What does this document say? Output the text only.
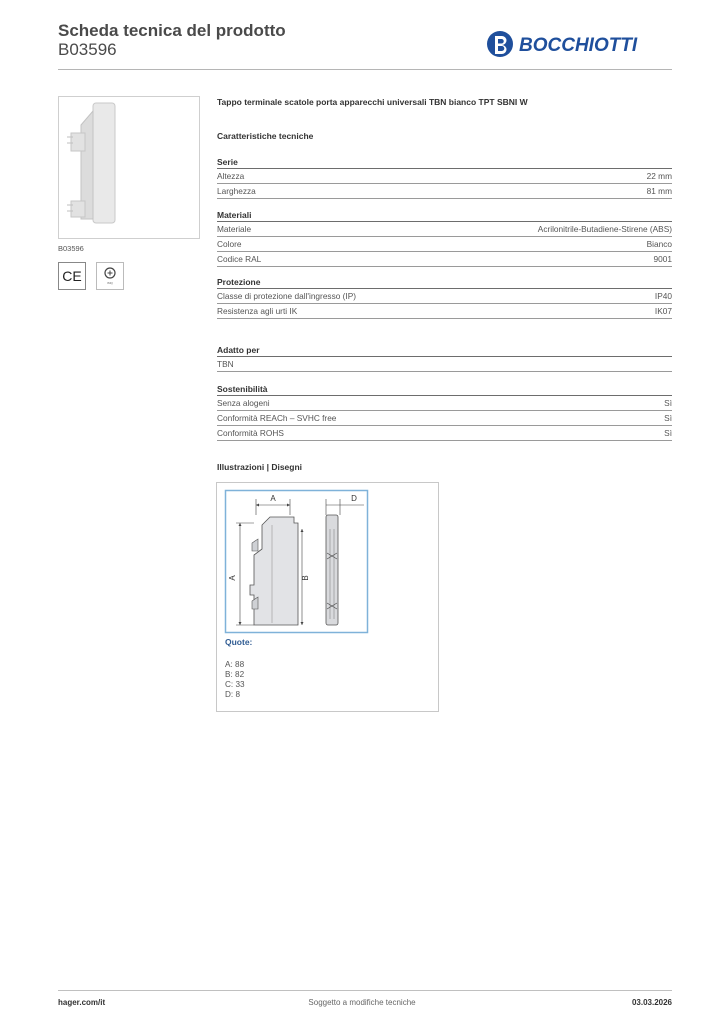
Scheda tecnica del prodotto
B03596	BOCCHIOTTI
B03596
CE	IMQ
Tappo terminale scatole porta apparecchi universali TBN bianco TPT SBNI W
Caratteristiche tecniche
Serie
Altezza	22 mm
Larghezza	81 mm
Materiali
Materiale	Acrilonitrile-Butadiene-Stirene (ABS)
Colore	Bianco
Codice RAL	9001
Protezione
Classe di protezione dall'ingresso (IP)	IP40
Resistenza agli urti IK	IK07
Adatto per
TBN
Sostenibilità
Senza alogeni	Sì
Conformità REACh – SVHC free	Sì
Conformità ROHS	Sì
Illustrazioni | Disegni
A	D
A	B
Quote:
A: 88
B: 82
C: 33
D: 8
hager.com/it	Soggetto a modifiche tecniche	03.03.2026
